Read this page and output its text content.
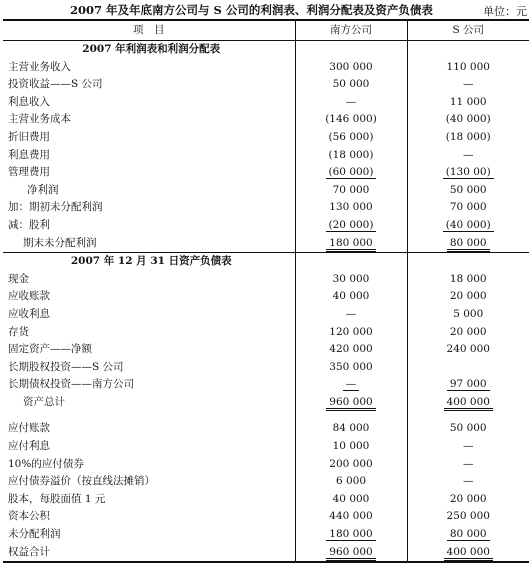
2007 年及年底南方公司与 S 公司的利润表、利润分配表及资产负债表	单位：元
项　目	南方公司	S 公司
2007 年利润表和利润分配表		
主营业务收入	300 000	110 000
投资收益——S 公司	50 000	—
利息收入	—	11 000
主营业务成本	(146 000)	(40 000)
折旧费用	(56 000)	(18 000)
利息费用	(18 000)	—
管理费用	(60 000)	(130 00)
净利润	70 000	50 000
加：期初未分配利润	130 000	70 000
减：股利	(20 000)	(40 000)
期末未分配利润	180 000	80 000
2007 年 12 月 31 日资产负债表		
现金	30 000	18 000
应收账款	40 000	20 000
应收利息	—	5 000
存货	120 000	20 000
固定资产——净额	420 000	240 000
长期股权投资——S 公司	350 000	
长期债权投资——南方公司	—	97 000
资产总计	960 000	400 000

应付账款	84 000	50 000
应付利息	10 000	—
10%的应付债券	200 000	—
应付债券溢价（按直线法摊销）	6 000	—
股本，每股面值 1 元	40 000	20 000
资本公积	440 000	250 000
未分配利润	180 000	80 000
权益合计	960 000	400 000
